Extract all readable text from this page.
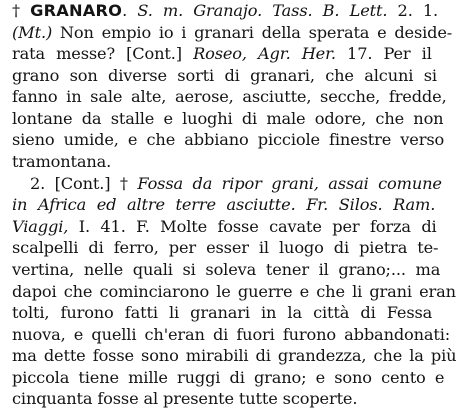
† GRANARO. S. m. Granajo. Tass. B. Lett. 2. 1.
(Mt.) Non empio io i granari della sperata e deside-
rata messe? [Cont.] Roseo, Agr. Her. 17. Per il
grano son diverse sorti di granari, che alcuni si
fanno in sale alte, aerose, asciutte, secche, fredde,
lontane da stalle e luoghi di male odore, che non
sieno umide, e che abbiano picciole finestre verso
tramontana.
2. [Cont.] † Fossa da ripor grani, assai comune
in Africa ed altre terre asciutte. Fr. Silos. Ram.
Viaggi, I. 41. F. Molte fosse cavate per forza di
scalpelli di ferro, per esser il luogo di pietra te-
vertina, nelle quali si soleva tener il grano;... ma
dapoi che cominciarono le guerre e che li grani eran
tolti, furono fatti li granari in la città di Fessa
nuova, e quelli ch'eran di fuori furono abbandonati:
ma dette fosse sono mirabili di grandezza, che la più
piccola tiene mille ruggi di grano; e sono cento e
cinquanta fosse al presente tutte scoperte.
